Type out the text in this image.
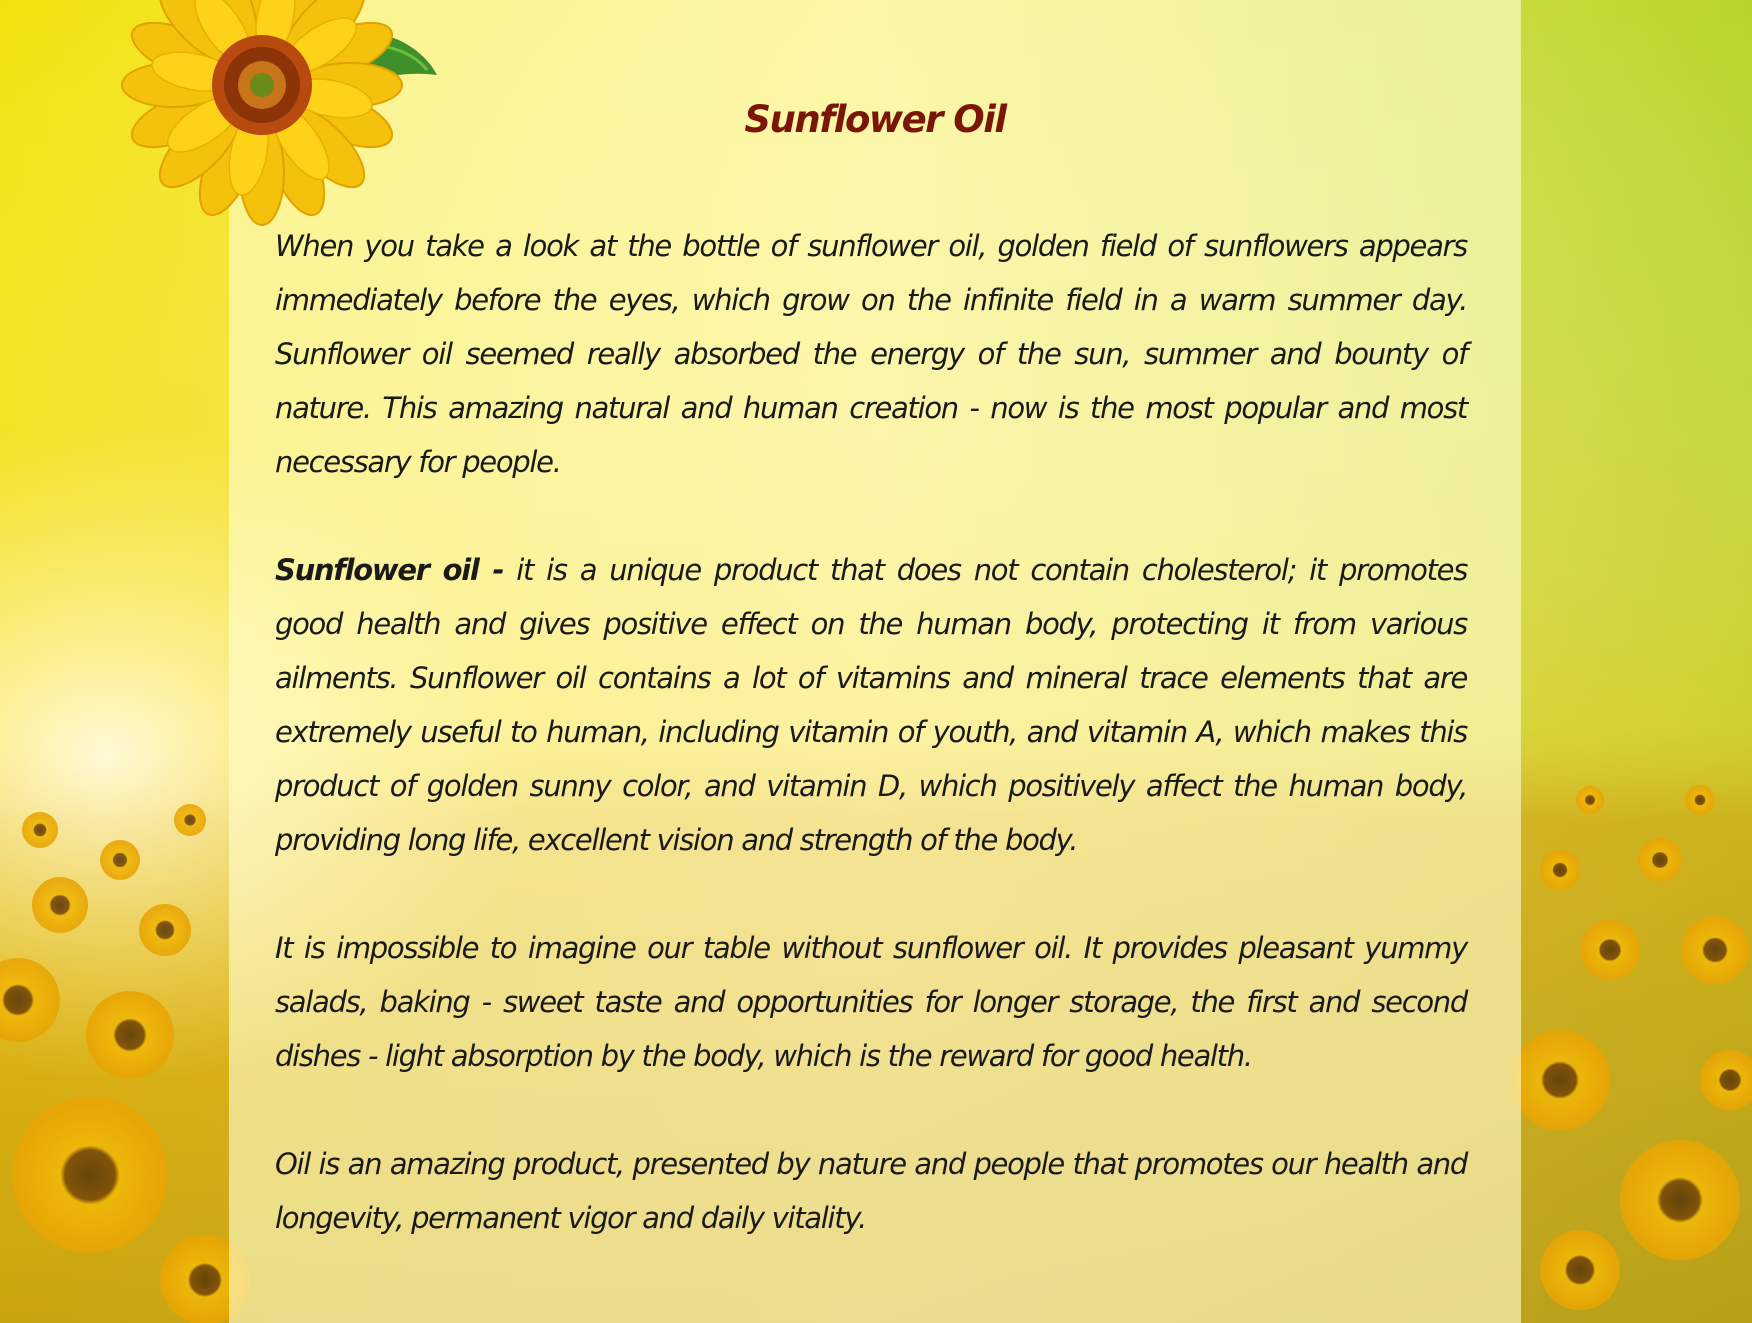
Sunflower Oil

When you take a look at the bottle of sunflower oil, golden field of sunflowers appears immediately before the eyes, which grow on the infinite field in a warm summer day. Sunflower oil seemed really absorbed the energy of the sun, summer and bounty of nature. This amazing natural and human creation - now is the most popular and most necessary for people.

Sunflower oil - it is a unique product that does not contain cholesterol; it promotes good health and gives positive effect on the human body, protecting it from various ailments. Sunflower oil contains a lot of vitamins and mineral trace elements that are extremely useful to human, including vitamin of youth, and vitamin A, which makes this product of golden sunny color, and vitamin D, which positively affect the human body, providing long life, excellent vision and strength of the body.

It is impossible to imagine our table without sunflower oil. It provides pleasant yummy salads, baking - sweet taste and opportunities for longer storage, the first and second dishes - light absorption by the body, which is the reward for good health.

Oil is an amazing product, presented by nature and people that promotes our health and longevity, permanent vigor and daily vitality.
